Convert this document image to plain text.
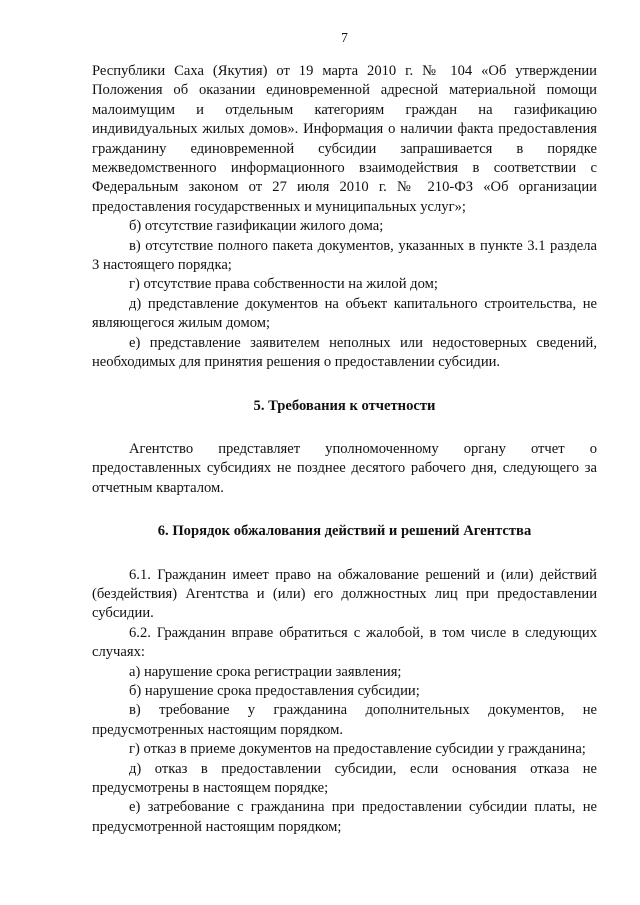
7

Республики Саха (Якутия) от 19 марта 2010 г. № 104 «Об утверждении Положения об оказании единовременной адресной материальной помощи малоимущим и отдельным категориям граждан на газификацию индивидуальных жилых домов». Информация о наличии факта предоставления гражданину единовременной субсидии запрашивается в порядке межведомственного информационного взаимодействия в соответствии с Федеральным законом от 27 июля 2010 г. № 210-ФЗ «Об организации предоставления государственных и муниципальных услуг»;

б) отсутствие газификации жилого дома;

в) отсутствие полного пакета документов, указанных в пункте 3.1 раздела 3 настоящего порядка;

г) отсутствие права собственности на жилой дом;

д) представление документов на объект капитального строительства, не являющегося жилым домом;

е) представление заявителем неполных или недостоверных сведений, необходимых для принятия решения о предоставлении субсидии.

5. Требования к отчетности

Агентство представляет уполномоченному органу отчет о предоставленных субсидиях не позднее десятого рабочего дня, следующего за отчетным кварталом.

6. Порядок обжалования действий и решений Агентства

6.1. Гражданин имеет право на обжалование решений и (или) действий (бездействия) Агентства и (или) его должностных лиц при предоставлении субсидии.

6.2. Гражданин вправе обратиться с жалобой, в том числе в следующих случаях:

а) нарушение срока регистрации заявления;

б) нарушение срока предоставления субсидии;

в) требование у гражданина дополнительных документов, не предусмотренных настоящим порядком.

г) отказ в приеме документов на предоставление субсидии у гражданина;

д) отказ в предоставлении субсидии, если основания отказа не предусмотрены в настоящем порядке;

е) затребование с гражданина при предоставлении субсидии платы, не предусмотренной настоящим порядком;
